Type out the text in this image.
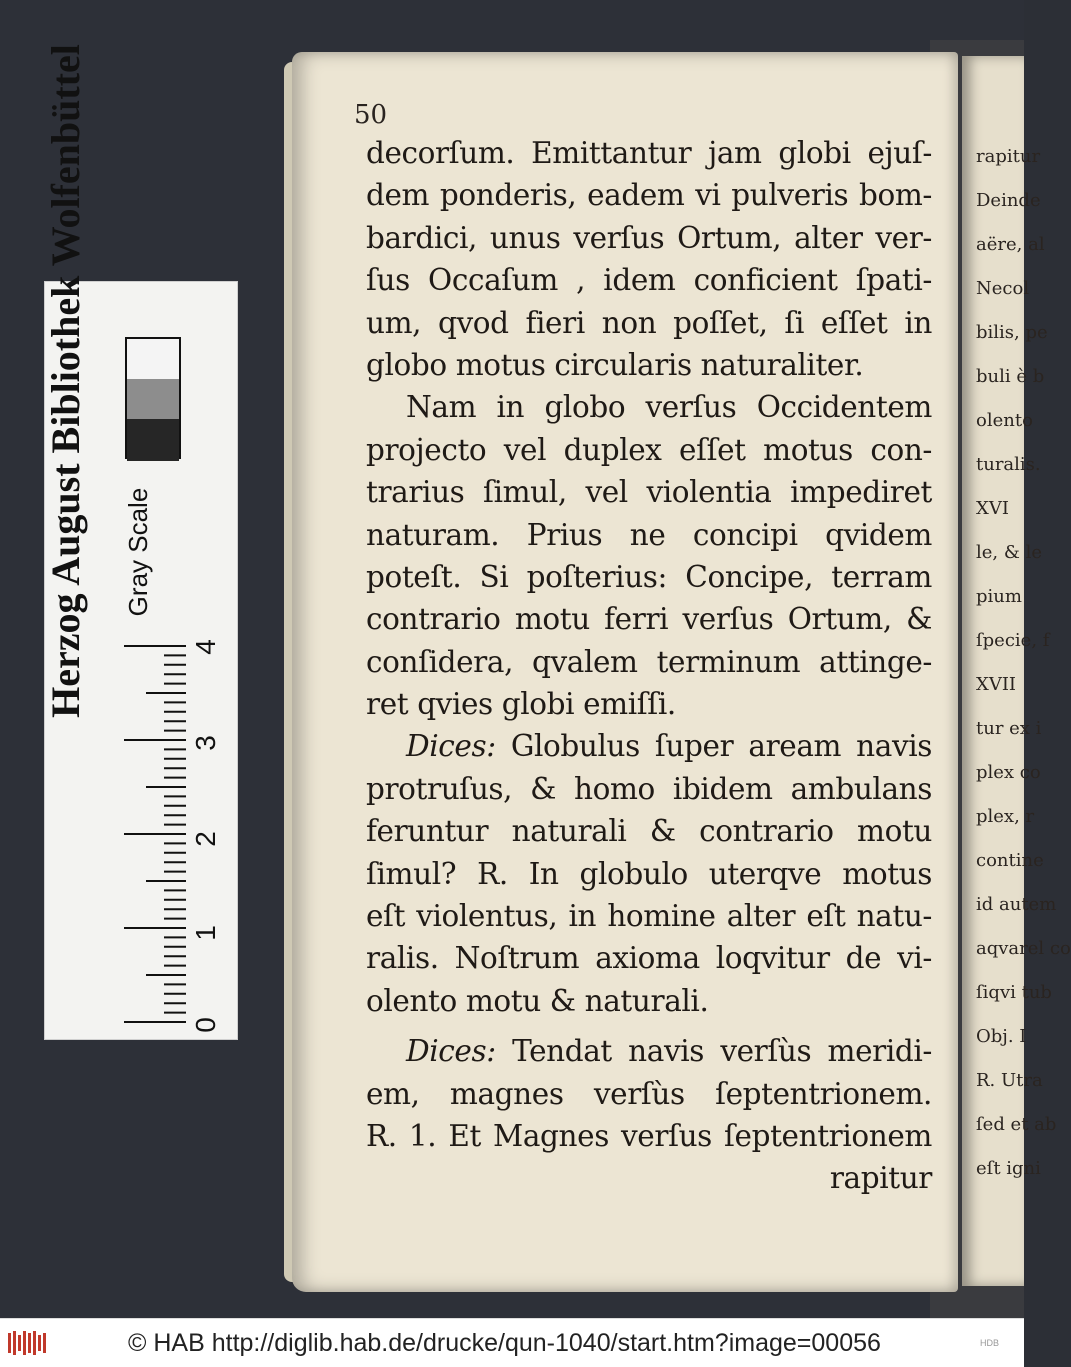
Herzog August Bibliothek Wolfenbüttel Gray Scale
0
1
2
3
4
50
decorſum. Emittantur jam globi ejuſ-
dem ponderis, eadem vi pulveris bom-
bardici, unus verſus Ortum, alter ver-
ſus Occaſum , idem conficient ſpati-
um, qvod fieri non poſſet, ſi eſſet in
globo motus circularis naturaliter.
Nam in globo verſus Occidentem
projecto vel duplex eſſet motus con-
trarius ſimul, vel violentia impediret
naturam. Prius ne concipi qvidem
poteſt. Si poſterius: Concipe, terram
contrario motu ferri verſus Ortum, &
conſidera, qvalem terminum attinge-
ret qvies globi emiſſi.
Dices: Globulus ſuper aream navis
protruſus, & homo ibidem ambulans
feruntur naturali & contrario motu
ſimul? R. In globulo uterqve motus
eſt violentus, in homine alter eſt natu-
ralis. Noſtrum axioma loqvitur de vi-
olento motu & naturali.
Dices: Tendat navis verſùs meridi-
em, magnes verſùs ſeptentrionem.
R. 1. Et Magnes verſus ſeptentrionem
rapitur
rapitur
Deinde
aëre, al
Necol
bilis, pe
buli è b
olento
turalis.
XVI
le, & le
pium
ſpecie, f
XVII
tur ex i
plex co
plex, r
contine
id autem
aqvarel co
ſiqvi tub
Obj. I
R. Utra
ſed et ab
eſt igni
© HAB http://diglib.hab.de/drucke/qun-1040/start.htm?image=00056	HDB
